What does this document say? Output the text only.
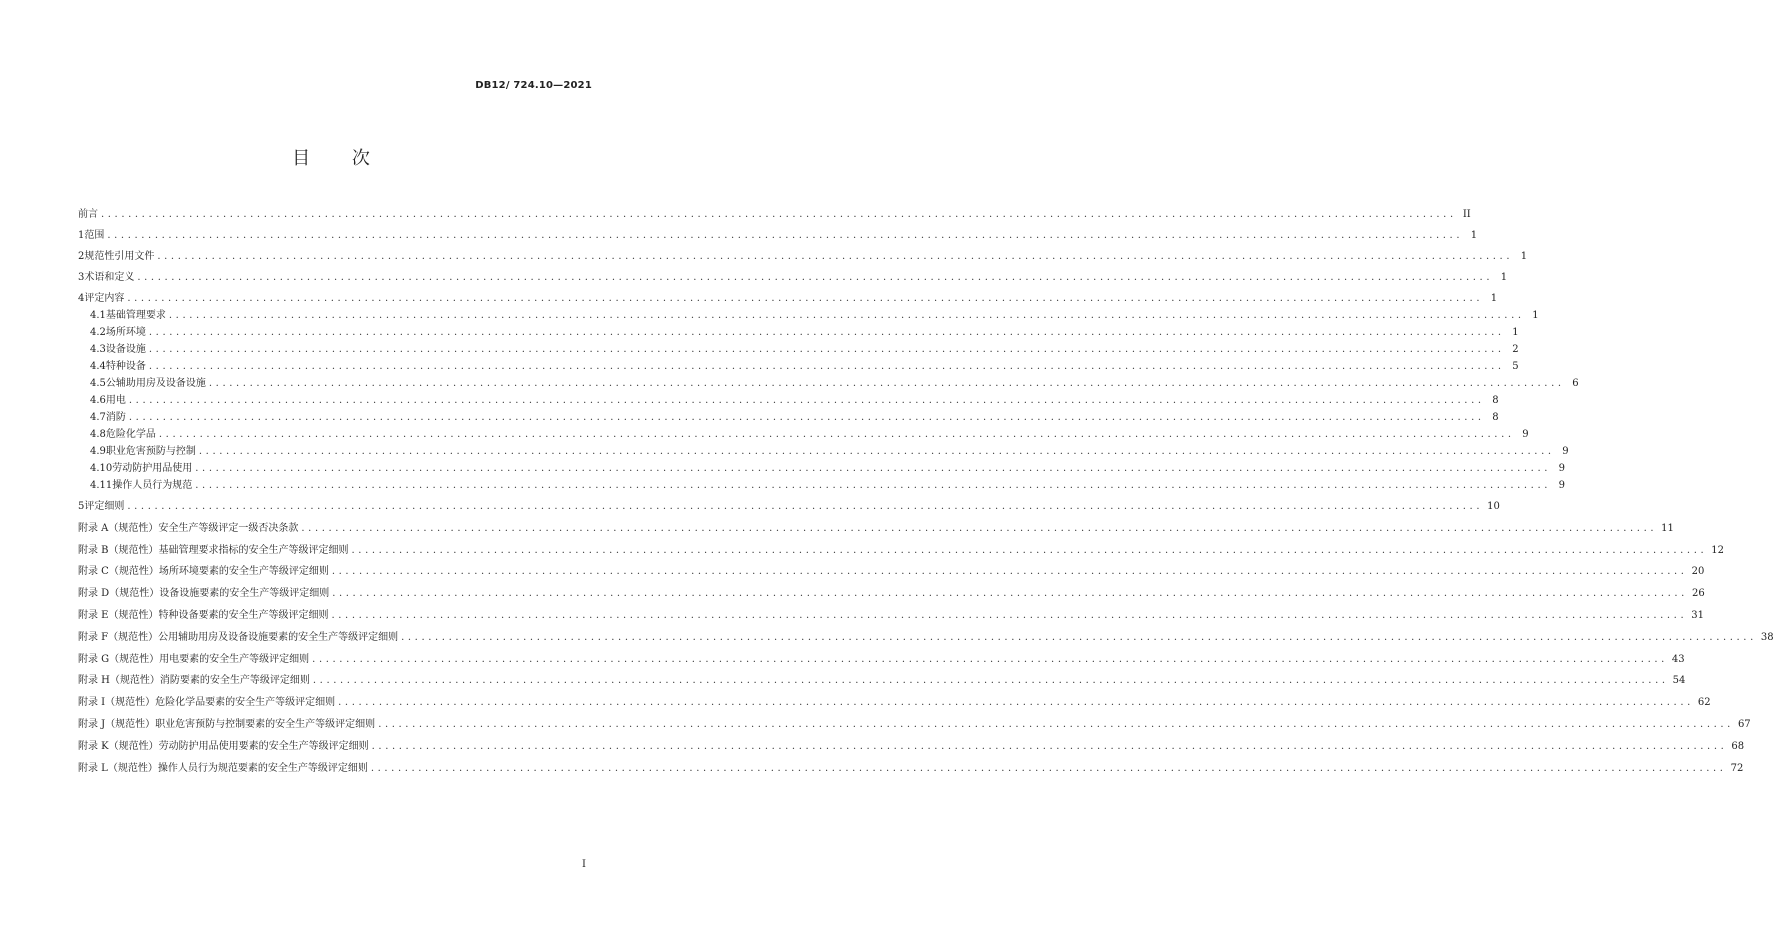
DB12/ 724.10—2021
目 次
前言 ........................................................................................................................................................................................................ II
1 范围 ........................................................................................................................................................................................................ 1
2 规范性引用文件 ........................................................................................................................................................................................................ 1
3 术语和定义 ........................................................................................................................................................................................................ 1
4 评定内容 ........................................................................................................................................................................................................ 1
4.1 基础管理要求 ........................................................................................................................................................................................................ 1
4.2 场所环境 ........................................................................................................................................................................................................ 1
4.3 设备设施 ........................................................................................................................................................................................................ 2
4.4 特种设备 ........................................................................................................................................................................................................ 5
4.5 公辅助用房及设备设施 ........................................................................................................................................................................................................ 6
4.6 用电 ........................................................................................................................................................................................................ 8
4.7 消防 ........................................................................................................................................................................................................ 8
4.8 危险化学品 ........................................................................................................................................................................................................ 9
4.9 职业危害预防与控制 ........................................................................................................................................................................................................ 9
4.10 劳动防护用品使用 ........................................................................................................................................................................................................ 9
4.11 操作人员行为规范 ........................................................................................................................................................................................................ 9
5 评定细则 ........................................................................................................................................................................................................ 10
附录 A （规范性） 安全生产等级评定一级否决条款 ........................................................................................................................................................................................................ 11
附录 B （规范性） 基础管理要求指标的安全生产等级评定细则 ........................................................................................................................................................................................................ 12
附录 C （规范性） 场所环境要素的安全生产等级评定细则 ........................................................................................................................................................................................................ 20
附录 D （规范性） 设备设施要素的安全生产等级评定细则 ........................................................................................................................................................................................................ 26
附录 E （规范性） 特种设备要素的安全生产等级评定细则 ........................................................................................................................................................................................................ 31
附录 F （规范性） 公用辅助用房及设备设施要素的安全生产等级评定细则 ........................................................................................................................................................................................................ 38
附录 G （规范性） 用电要素的安全生产等级评定细则 ........................................................................................................................................................................................................ 43
附录 H （规范性） 消防要素的安全生产等级评定细则 ........................................................................................................................................................................................................ 54
附录 I （规范性） 危险化学品要素的安全生产等级评定细则 ........................................................................................................................................................................................................ 62
附录 J （规范性） 职业危害预防与控制要素的安全生产等级评定细则 ........................................................................................................................................................................................................ 67
附录 K （规范性） 劳动防护用品使用要素的安全生产等级评定细则 ........................................................................................................................................................................................................ 68
附录 L （规范性） 操作人员行为规范要素的安全生产等级评定细则 ........................................................................................................................................................................................................ 72
I
